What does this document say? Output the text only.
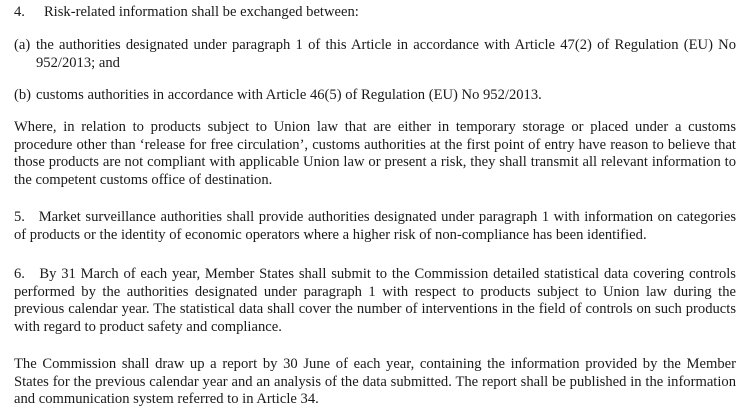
4. Risk-related information shall be exchanged between:

(a) the authorities designated under paragraph 1 of this Article in accordance with Article 47(2) of Regulation (EU) No 952/2013; and
(b) customs authorities in accordance with Article 46(5) of Regulation (EU) No 952/2013.

Where, in relation to products subject to Union law that are either in temporary storage or placed under a customs procedure other than ‘release for free circulation’, customs authorities at the first point of entry have reason to believe that those products are not compliant with applicable Union law or present a risk, they shall transmit all relevant information to the competent customs office of destination.

5. Market surveillance authorities shall provide authorities designated under paragraph 1 with information on categories of products or the identity of economic operators where a higher risk of non-compliance has been identified.

6. By 31 March of each year, Member States shall submit to the Commission detailed statistical data covering controls performed by the authorities designated under paragraph 1 with respect to products subject to Union law during the previous calendar year. The statistical data shall cover the number of interventions in the field of controls on such products with regard to product safety and compliance.

The Commission shall draw up a report by 30 June of each year, containing the information provided by the Member States for the previous calendar year and an analysis of the data submitted. The report shall be published in the information and communication system referred to in Article 34.
